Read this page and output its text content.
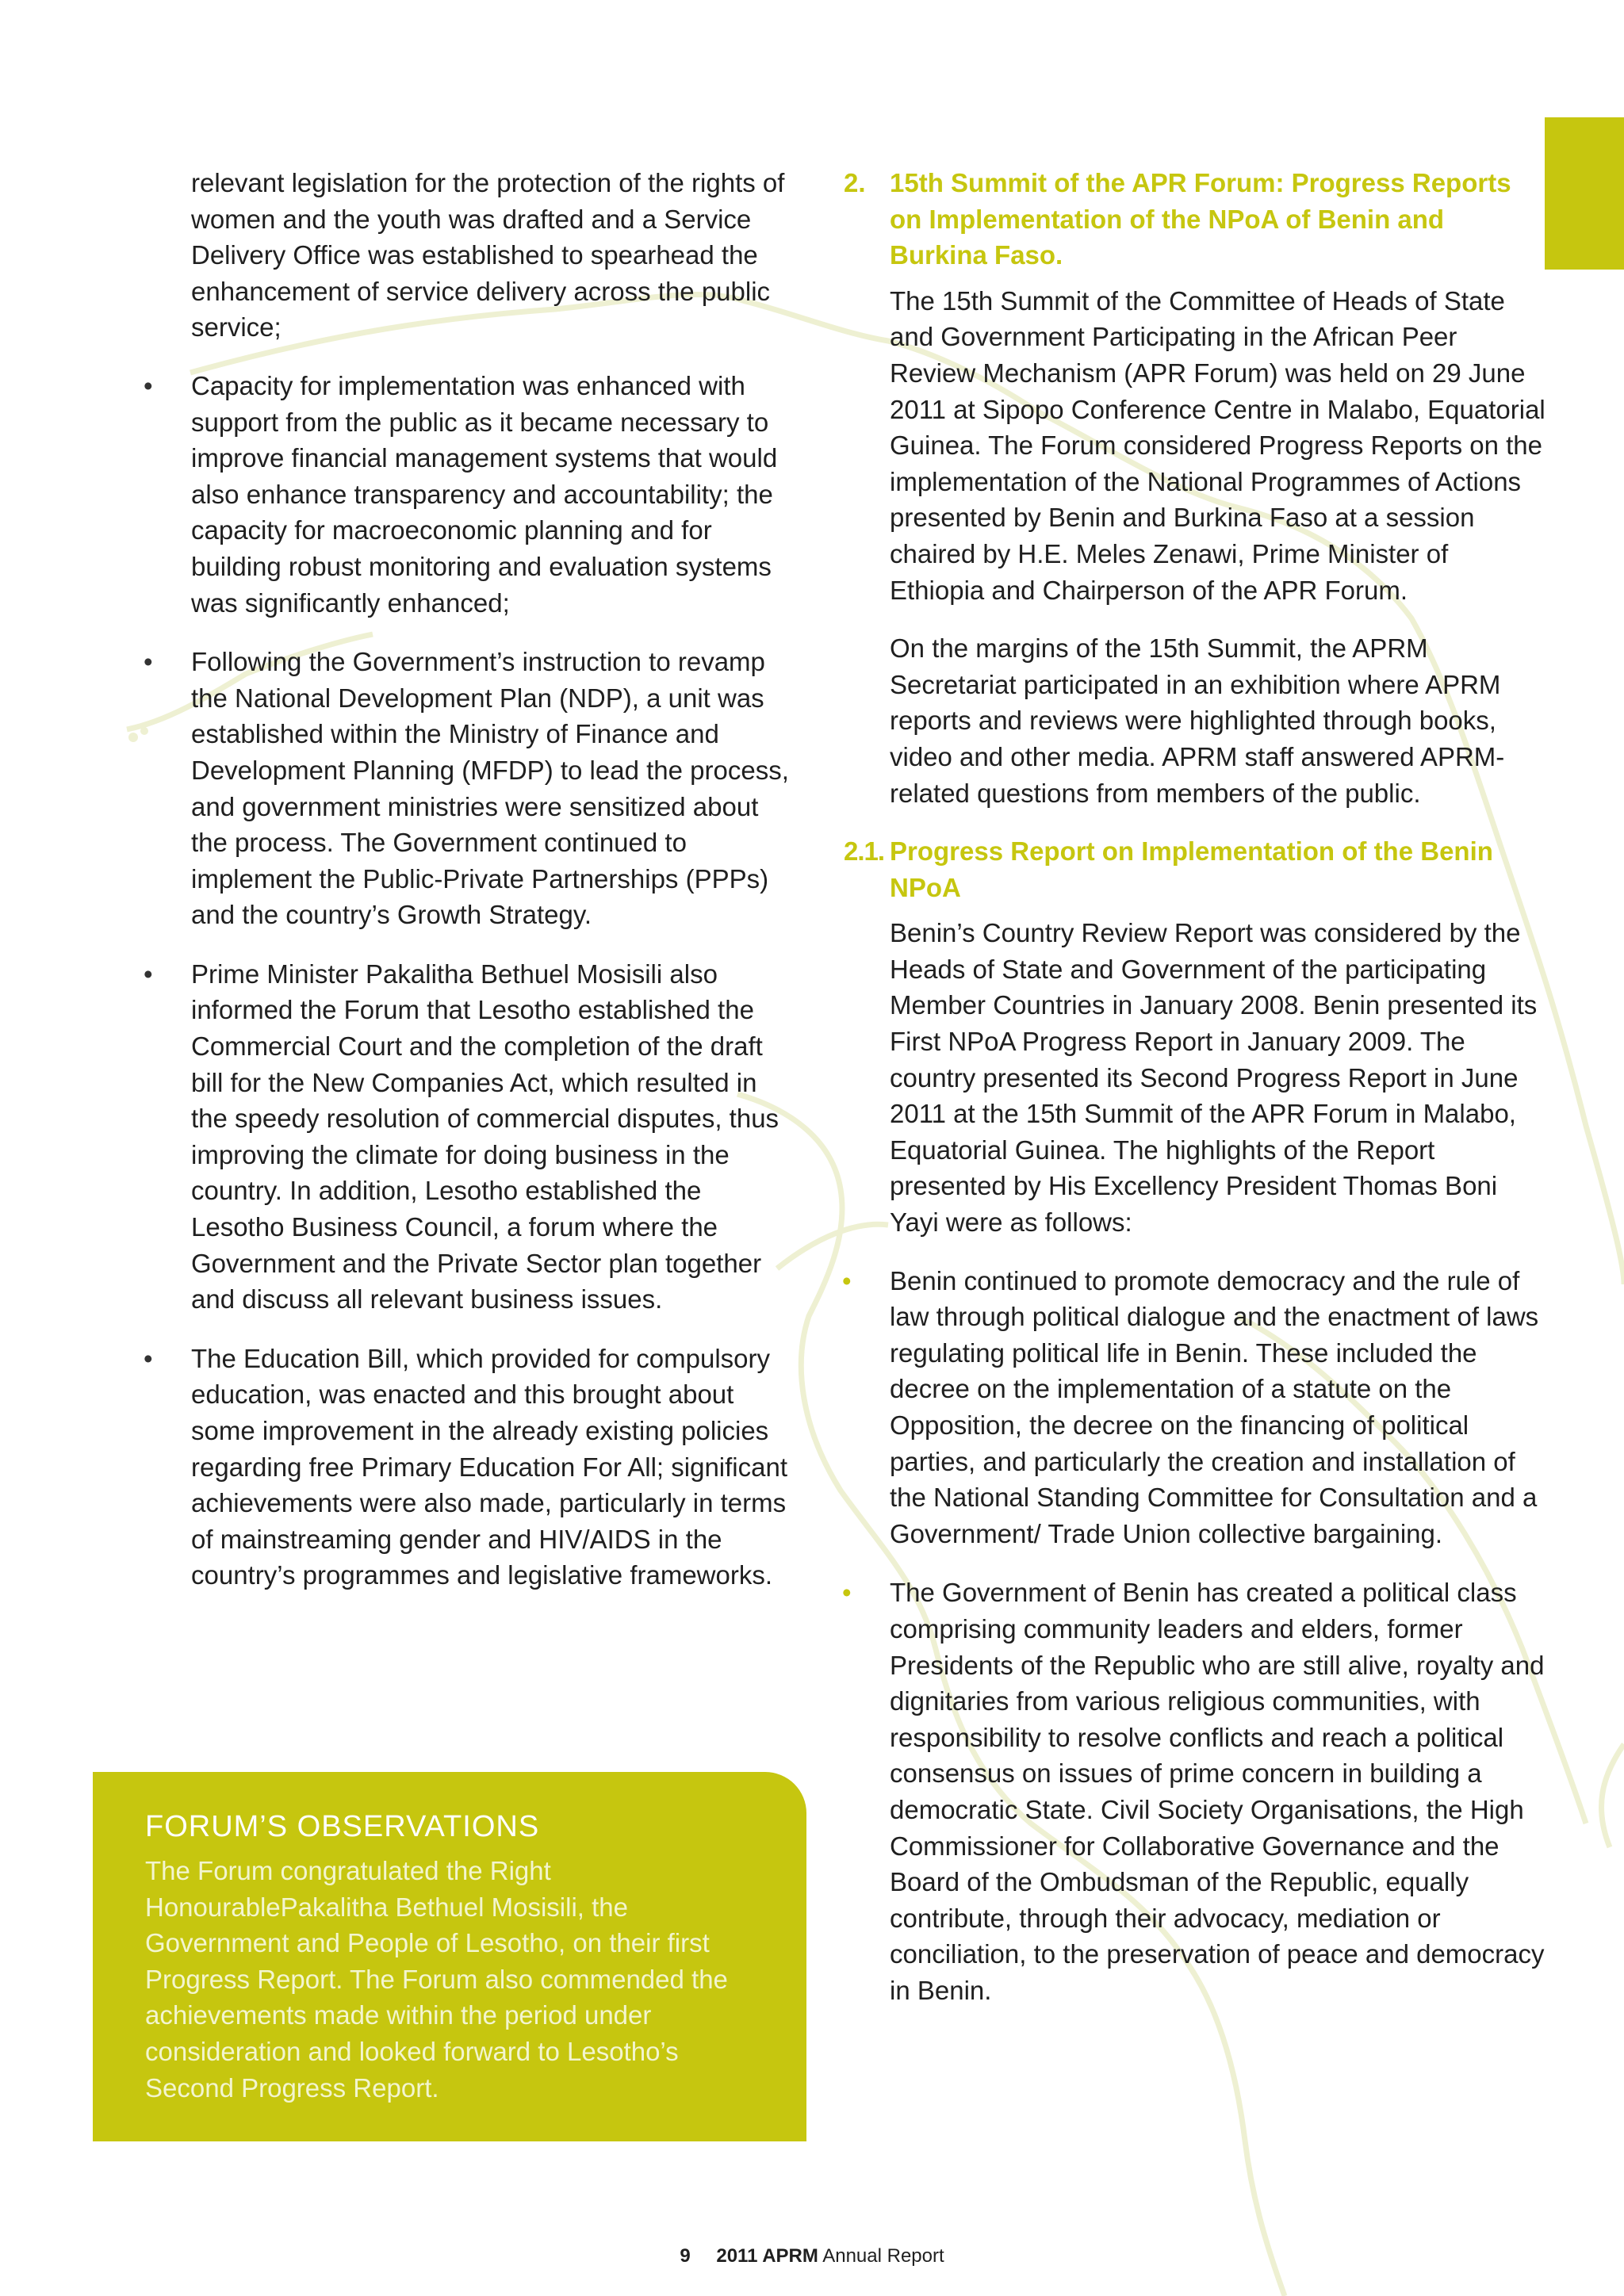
relevant legislation for the protection of the rights of women and the youth was drafted and a Service Delivery Office was established to spearhead the enhancement of service delivery across the public service;

• Capacity for implementation was enhanced with support from the public as it became necessary to improve financial management systems that would also enhance transparency and accountability; the capacity for macroeconomic planning and for building robust monitoring and evaluation systems was significantly enhanced;
• Following the Government’s instruction to revamp the National Development Plan (NDP), a unit was established within the Ministry of Finance and Development Planning (MFDP) to lead the process, and government ministries were sensitized about the process. The Government continued to implement the Public-Private Partnerships (PPPs) and the country’s Growth Strategy.
• Prime Minister Pakalitha Bethuel Mosisili also informed the Forum that Lesotho established the Commercial Court and the completion of the draft bill for the New Companies Act, which resulted in the speedy resolution of commercial disputes, thus improving the climate for doing business in the country. In addition, Lesotho established the Lesotho Business Council, a forum where the Government and the Private Sector plan together and discuss all relevant business issues.
• The Education Bill, which provided for compulsory education, was enacted and this brought about some improvement in the already existing policies regarding free Primary Education For All; significant achievements were also made, particularly in terms of mainstreaming gender and HIV/AIDS in the country’s programmes and legislative frameworks.
FORUM’S OBSERVATIONS

The Forum congratulated the Right HonourablePakalitha Bethuel Mosisili, the Government and People of Lesotho, on their first Progress Report. The Forum also commended the achievements made within the period under consideration and looked forward to Lesotho’s Second Progress Report.

2. 15th Summit of the APR Forum: Progress Reports on Implementation of the NPoA of Benin and Burkina Faso.

The 15th Summit of the Committee of Heads of State and Government Participating in the African Peer Review Mechanism (APR Forum) was held on 29 June 2011 at Sipopo Conference Centre in Malabo, Equatorial Guinea. The Forum considered Progress Reports on the implementation of the National Programmes of Actions presented by Benin and Burkina Faso at a session chaired by H.E. Meles Zenawi, Prime Minister of Ethiopia and Chairperson of the APR Forum.

On the margins of the 15th Summit, the APRM Secretariat participated in an exhibition where APRM reports and reviews were highlighted through books, video and other media. APRM staff answered APRM-related questions from members of the public.

2.1. Progress Report on Implementation of the Benin NPoA

Benin’s Country Review Report was considered by the Heads of State and Government of the participating Member Countries in January 2008. Benin presented its First NPoA Progress Report in January 2009. The country presented its Second Progress Report in June 2011 at the 15th Summit of the APR Forum in Malabo, Equatorial Guinea. The highlights of the Report presented by His Excellency President Thomas Boni Yayi were as follows:

• Benin continued to promote democracy and the rule of law through political dialogue and the enactment of laws regulating political life in Benin. These included the decree on the implementation of a statute on the Opposition, the decree on the financing of political parties, and particularly the creation and installation of the National Standing Committee for Consultation and a Government/ Trade Union collective bargaining.
• The Government of Benin has created a political class comprising community leaders and elders, former Presidents of the Republic who are still alive, royalty and dignitaries from various religious communities, with responsibility to resolve conflicts and reach a political consensus on issues of prime concern in building a democratic State. Civil Society Organisations, the High Commissioner for Collaborative Governance and the Board of the Ombudsman of the Republic, equally contribute, through their advocacy, mediation or conciliation, to the preservation of peace and democracy in Benin.
9 2011 APRM Annual Report
